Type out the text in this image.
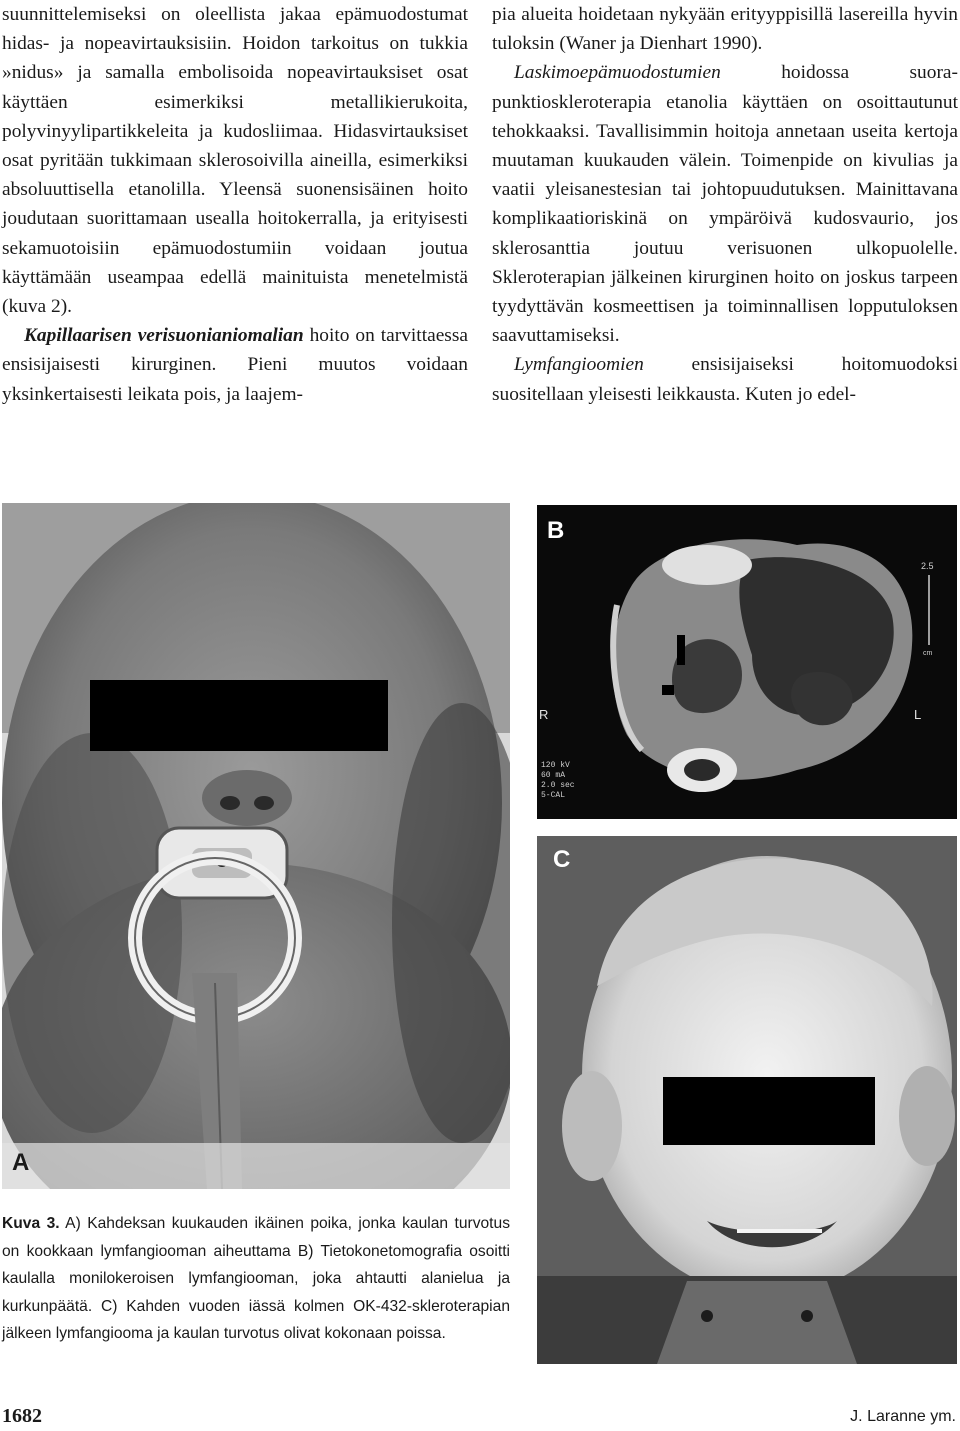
suunnittelemiseksi on oleellista jakaa epämuodostumat hidas- ja nopeavirtauksisiin. Hoidon tarkoitus on tukkia »nidus» ja samalla embolisoida nopeavirtauksiset osat käyttäen esimerkiksi metallikierukoita, polyvinyylipartikkeleita ja kudosliimaa. Hidasvirtauksiset osat pyritään tukkimaan sklerosoivilla aineilla, esimerkiksi absoluuttisella etanolilla. Yleensä suonensisäinen hoito joudutaan suorittamaan usealla hoitokerralla, ja erityisesti sekamuotoisiin epämuodostumiin voidaan joutua käyttämään useampaa edellä mainituista menetelmistä (kuva 2).

Kapillaarisen verisuonianiomalian hoito on tarvittaessa ensisijaisesti kirurginen. Pieni muutos voidaan yksinkertaisesti leikata pois, ja laajem-

pia alueita hoidetaan nykyään erityyppisillä lasereilla hyvin tuloksin (Waner ja Dienhart 1990).

Laskimoepämuodostumien hoidossa suorapunktioskleroterapia etanolia käyttäen on osoittautunut tehokkaaksi. Tavallisimmin hoitoja annetaan useita kertoja muutaman kuukauden välein. Toimenpide on kivulias ja vaatii yleisanestesian tai johtopuudutuksen. Mainittavana komplikaatioriskinä on ympäröivä kudosvaurio, jos sklerosanttia joutuu verisuonen ulkopuolelle. Skleroterapian jälkeinen kirurginen hoito on joskus tarpeen tyydyttävän kosmeettisen ja toiminnallisen lopputuloksen saavuttamiseksi.

Lymfangioomien ensisijaiseksi hoitomuodoksi suositellaan yleisesti leikkausta. Kuten jo edel-

A
2.5
cm
R	L
120 kV
60 mA
2.0 sec
5-CAL
B
C
Kuva 3. A) Kahdeksan kuukauden ikäinen poika, jonka kaulan turvotus on kookkaan lymfangiooman aiheuttama B) Tietokonetomografia osoitti kaulalla monilokeroisen lymfangiooman, joka ahtautti alanielua ja kurkunpäätä. C) Kahden vuoden iässä kolmen OK-432-skleroterapian jälkeen lymfangiooma ja kaulan turvotus olivat kokonaan poissa.
1682	J. Laranne ym.
